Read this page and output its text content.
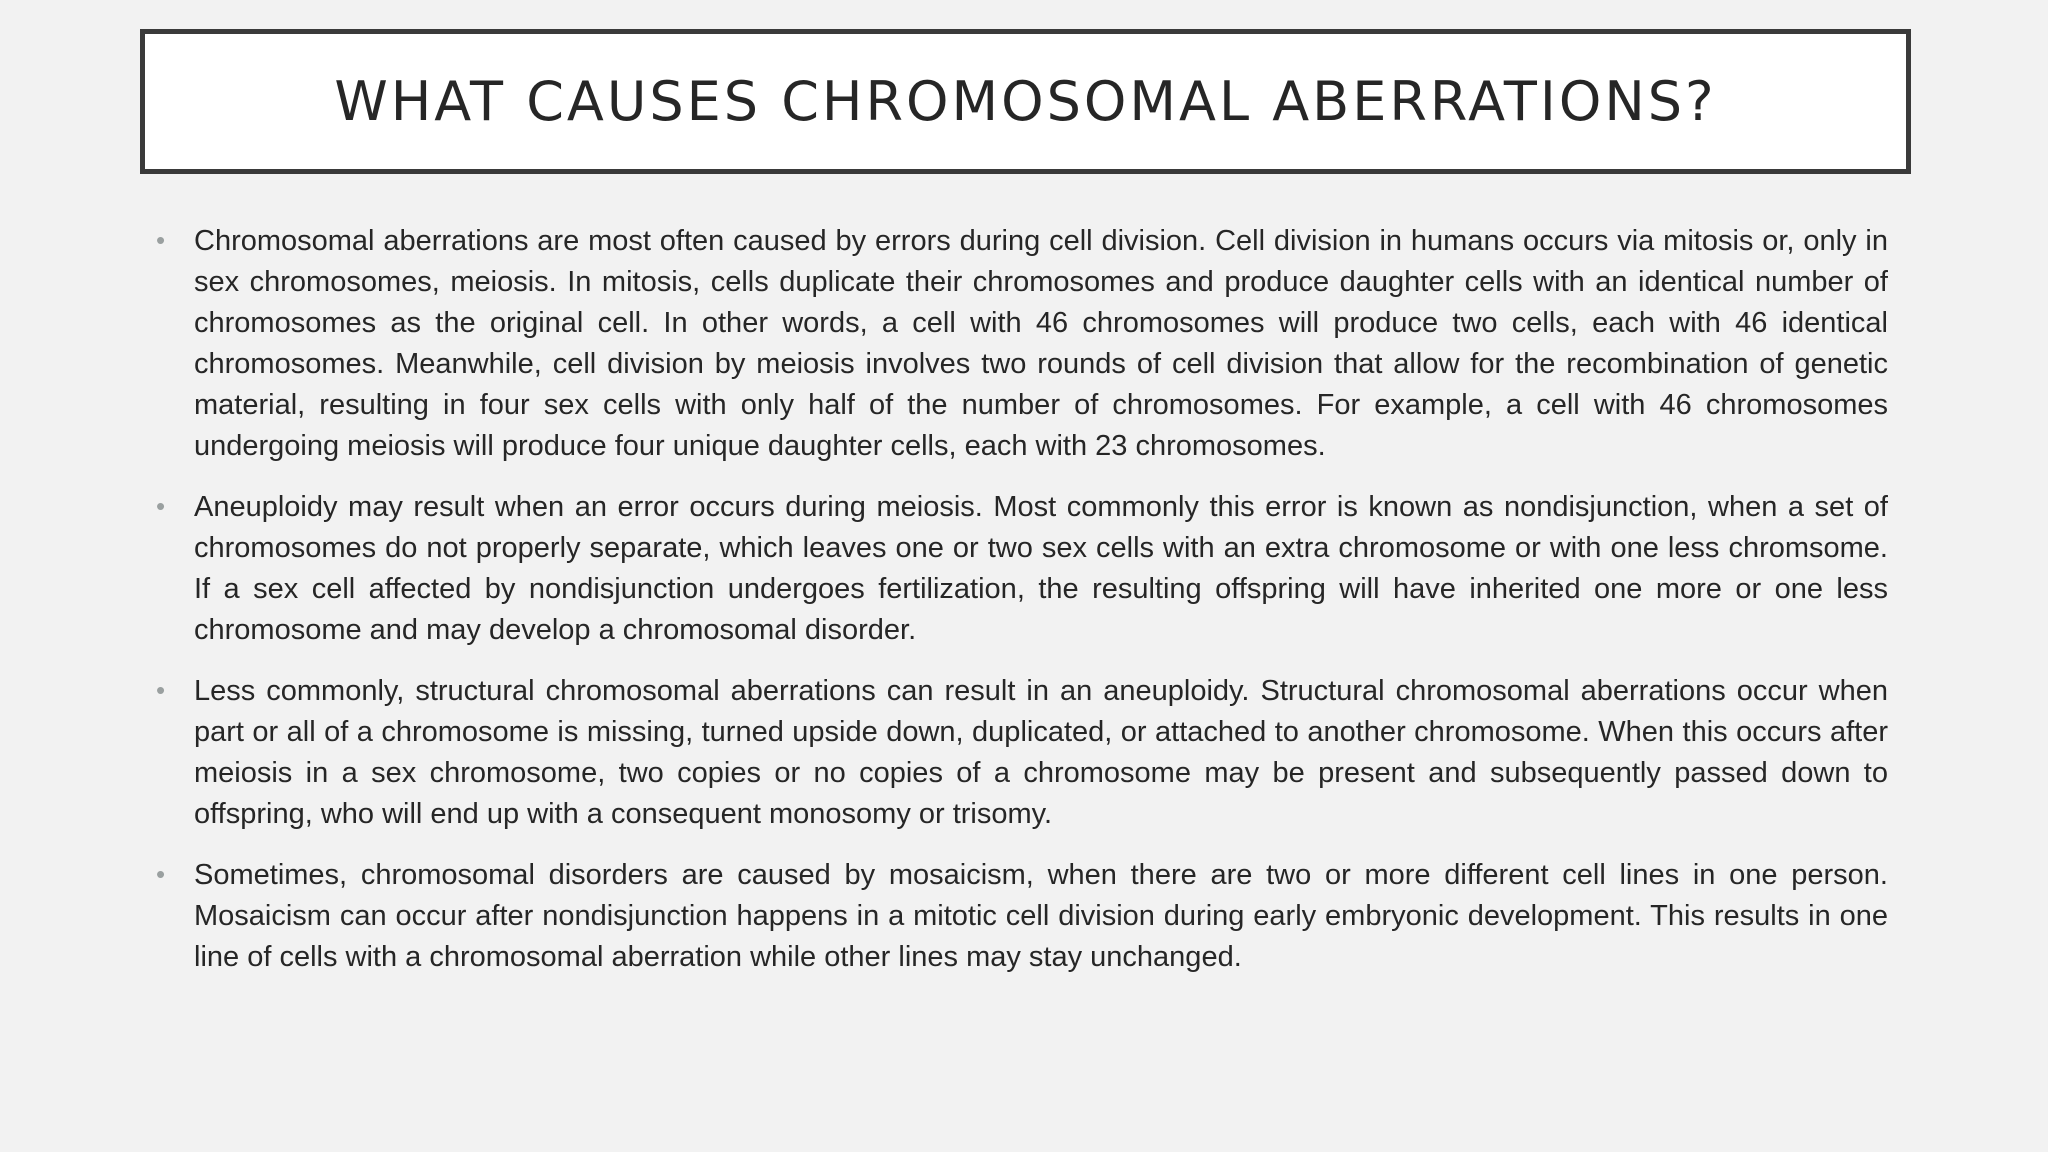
WHAT CAUSES CHROMOSOMAL ABERRATIONS?
• Chromosomal aberrations are most often caused by errors during cell division. Cell division in humans occurs via mitosis or, only in sex chromosomes, meiosis. In mitosis, cells duplicate their chromosomes and produce daughter cells with an identical number of chromosomes as the original cell. In other words, a cell with 46 chromosomes will produce two cells, each with 46 identical chromosomes. Meanwhile, cell division by meiosis involves two rounds of cell division that allow for the recombination of genetic material, resulting in four sex cells with only half of the number of chromosomes. For example, a cell with 46 chromosomes undergoing meiosis will produce four unique daughter cells, each with 23 chromosomes.
• Aneuploidy may result when an error occurs during meiosis. Most commonly this error is known as nondisjunction, when a set of chromosomes do not properly separate, which leaves one or two sex cells with an extra chromosome or with one less chromsome. If a sex cell affected by nondisjunction undergoes fertilization, the resulting offspring will have inherited one more or one less chromosome and may develop a chromosomal disorder.
• Less commonly, structural chromosomal aberrations can result in an aneuploidy. Structural chromosomal aberrations occur when part or all of a chromosome is missing, turned upside down, duplicated, or attached to another chromosome. When this occurs after meiosis in a sex chromosome, two copies or no copies of a chromosome may be present and subsequently passed down to offspring, who will end up with a consequent monosomy or trisomy.
• Sometimes, chromosomal disorders are caused by mosaicism, when there are two or more different cell lines in one person. Mosaicism can occur after nondisjunction happens in a mitotic cell division during early embryonic development. This results in one line of cells with a chromosomal aberration while other lines may stay unchanged.
